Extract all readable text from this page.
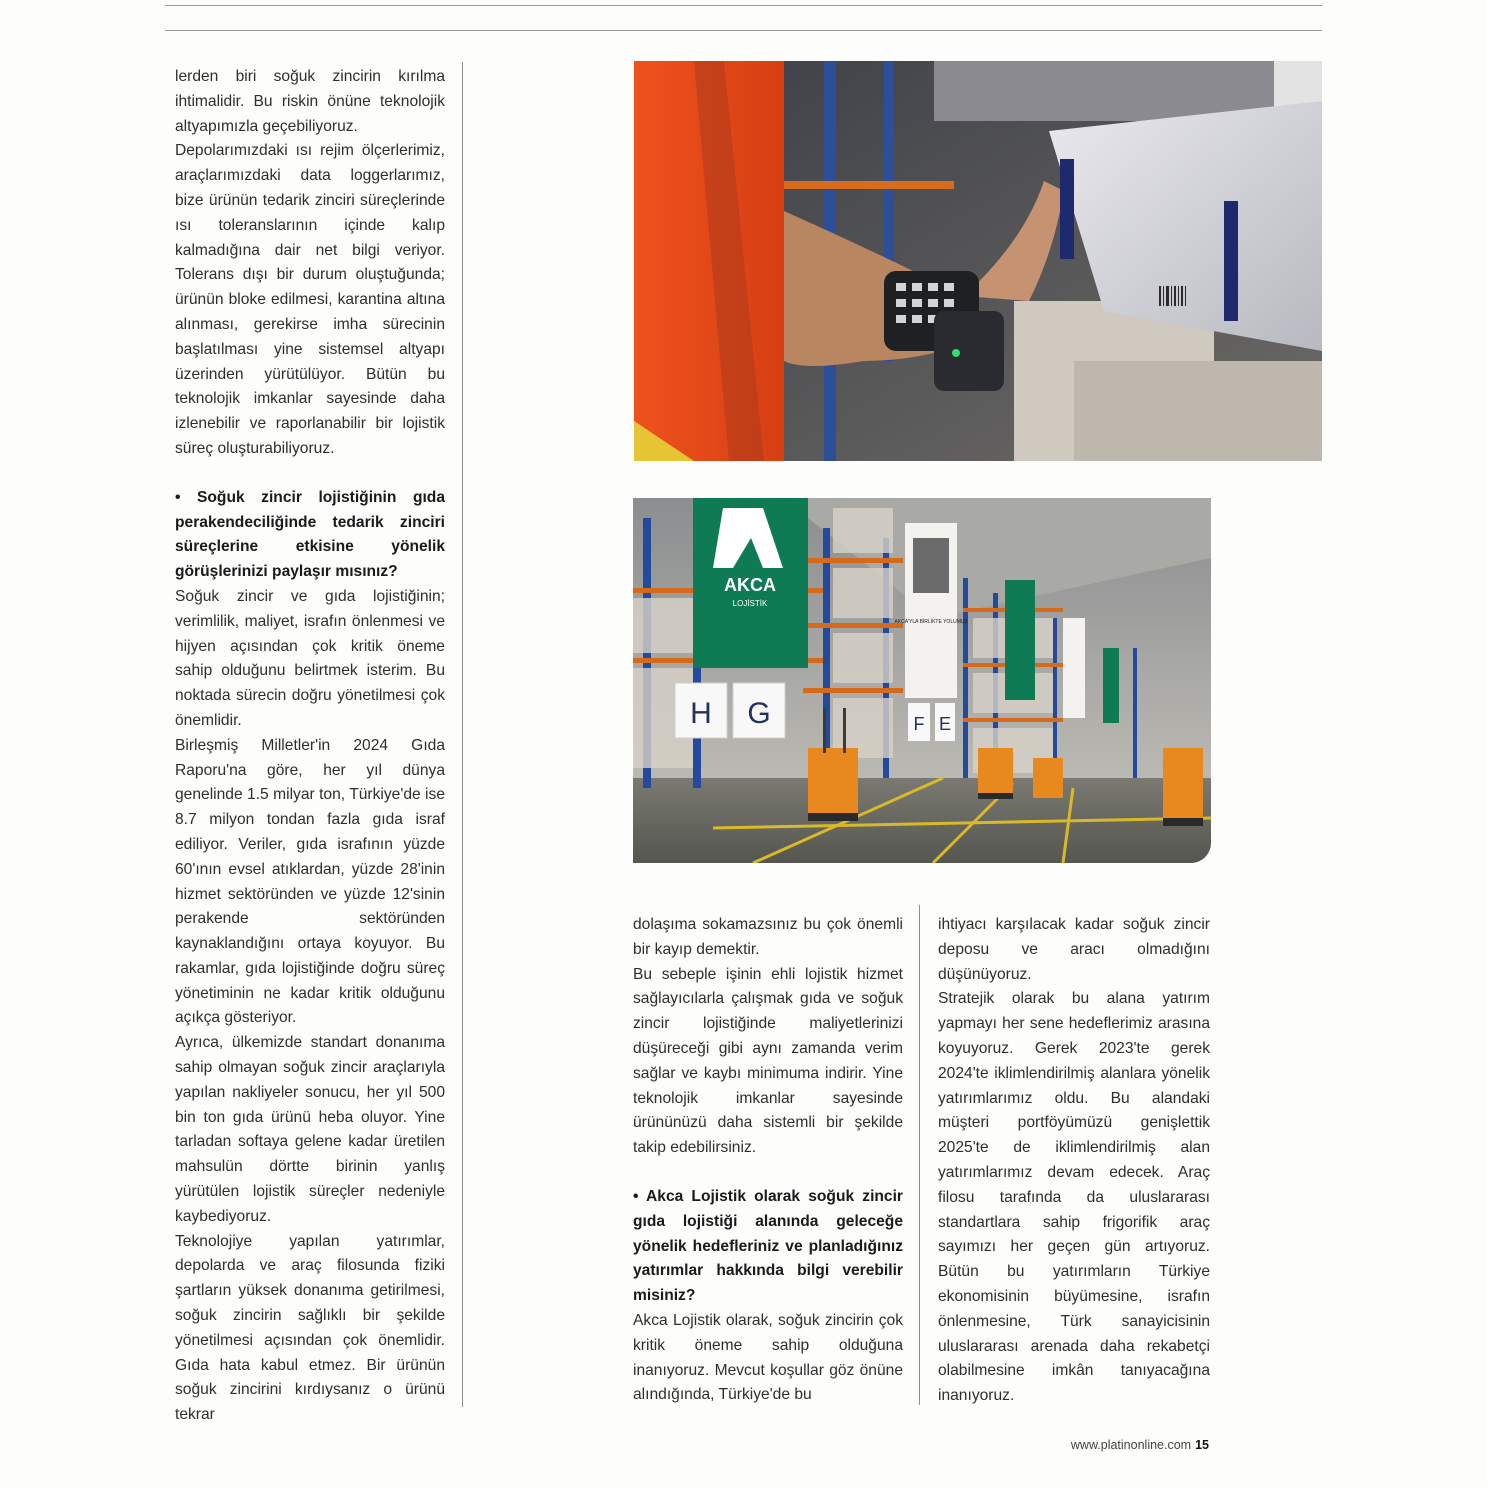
lerden biri soğuk zincirin kırılma ihtimalidir. Bu riskin önüne teknolojik altyapımızla geçebiliyoruz.

Depolarımızdaki ısı rejim ölçerlerimiz, araçlarımızdaki data loggerlarımız, bize ürünün tedarik zinciri süreçlerinde ısı toleranslarının içinde kalıp kalmadığına dair net bilgi veriyor. Tolerans dışı bir durum oluştuğunda; ürünün bloke edilmesi, karantina altına alınması, gerekirse imha sürecinin başlatılması yine sistemsel altyapı üzerinden yürütülüyor. Bütün bu teknolojik imkanlar sayesinde daha izlenebilir ve raporlanabilir bir lojistik süreç oluşturabiliyoruz.

• Soğuk zincir lojistiğinin gıda perakendeciliğinde tedarik zinciri süreçlerine etkisine yönelik görüşlerinizi paylaşır mısınız?

Soğuk zincir ve gıda lojistiğinin; verimlilik, maliyet, israfın önlenmesi ve hijyen açısından çok kritik öneme sahip olduğunu belirtmek isterim. Bu noktada sürecin doğru yönetilmesi çok önemlidir.

Birleşmiş Milletler'in 2024 Gıda Raporu'na göre, her yıl dünya genelinde 1.5 milyar ton, Türkiye'de ise 8.7 milyon tondan fazla gıda israf ediliyor. Veriler, gıda israfının yüzde 60'ının evsel atıklardan, yüzde 28'inin hizmet sektöründen ve yüzde 12'sinin perakende sektöründen kaynaklandığını ortaya koyuyor. Bu rakamlar, gıda lojistiğinde doğru süreç yönetiminin ne kadar kritik olduğunu açıkça gösteriyor.

Ayrıca, ülkemizde standart donanıma sahip olmayan soğuk zincir araçlarıyla yapılan nakliyeler sonucu, her yıl 500 bin ton gıda ürünü heba oluyor. Yine tarladan softaya gelene kadar üretilen mahsulün dörtte birinin yanlış yürütülen lojistik süreçler nedeniyle kaybediyoruz.

Teknolojiye yapılan yatırımlar, depolarda ve araç filosunda fiziki şartların yüksek donanıma getirilmesi, soğuk zincirin sağlıklı bir şekilde yönetilmesi açısından çok önemlidir. Gıda hata kabul etmez. Bir ürünün soğuk zincirini kırdıysanız o ürünü tekrar

AKCA
LOJİSTİK
AKCA'YLA BİRLİKTE YOLUMUZ
H G	F E

dolaşıma sokamazsınız bu çok önemli bir kayıp demektir.

Bu sebeple işinin ehli lojistik hizmet sağlayıcılarla çalışmak gıda ve soğuk zincir lojistiğinde maliyetlerinizi düşüreceği gibi aynı zamanda verim sağlar ve kaybı minimuma indirir. Yine teknolojik imkanlar sayesinde ürününüzü daha sistemli bir şekilde takip edebilirsiniz.

• Akca Lojistik olarak soğuk zincir gıda lojistiği alanında geleceğe yönelik hedefleriniz ve planladığınız yatırımlar hakkında bilgi verebilir misiniz?

Akca Lojistik olarak, soğuk zincirin çok kritik öneme sahip olduğuna inanıyoruz. Mevcut koşullar göz önüne alındığında, Türkiye'de bu

ihtiyacı karşılacak kadar soğuk zincir deposu ve aracı olmadığını düşünüyoruz.

Stratejik olarak bu alana yatırım yapmayı her sene hedeflerimiz arasına koyuyoruz. Gerek 2023'te gerek 2024'te iklimlendirilmiş alanlara yönelik yatırımlarımız oldu. Bu alandaki müşteri portföyümüzü genişlettik 2025'te de iklimlendirilmiş alan yatırımlarımız devam edecek. Araç filosu tarafında da uluslararası standartlara sahip frigorifik araç sayımızı her geçen gün artıyoruz. Bütün bu yatırımların Türkiye ekonomisinin büyümesine, israfın önlenmesine, Türk sanayicisinin uluslararası arenada daha rekabetçi olabilmesine imkân tanıyacağına inanıyoruz.

www.platinonline.com 15
